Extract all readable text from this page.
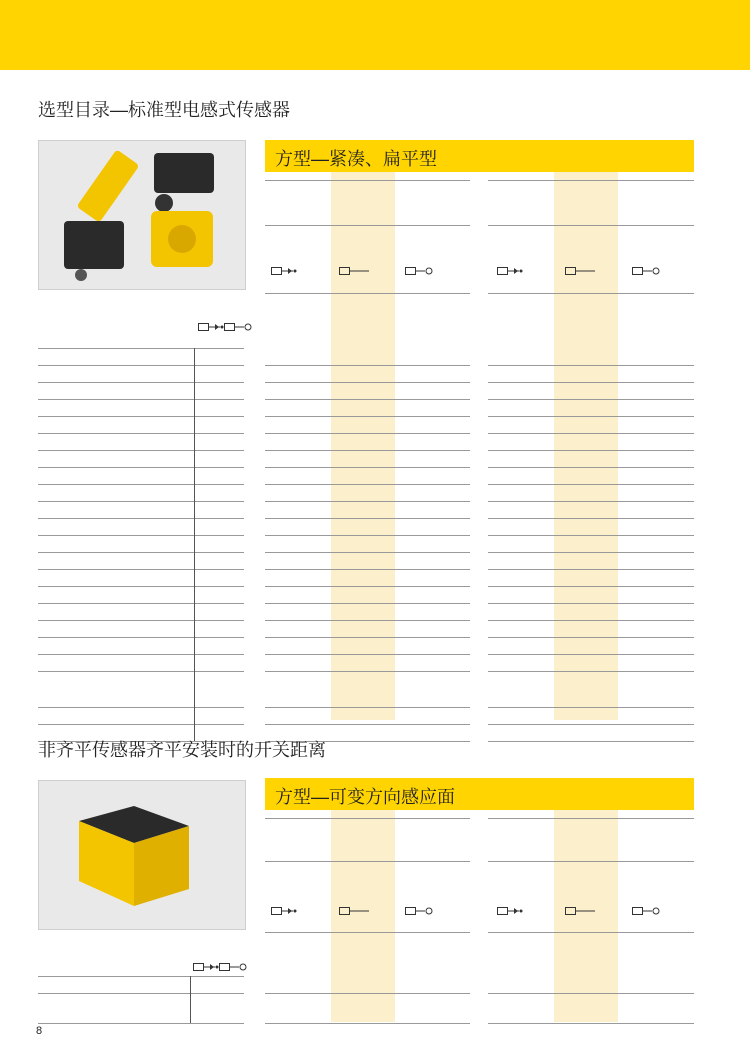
选型目录—标准型电感式传感器
方型—紧凑、扁平型
非齐平传感器齐平安装时的开关距离
方型—可变方向感应面
8
